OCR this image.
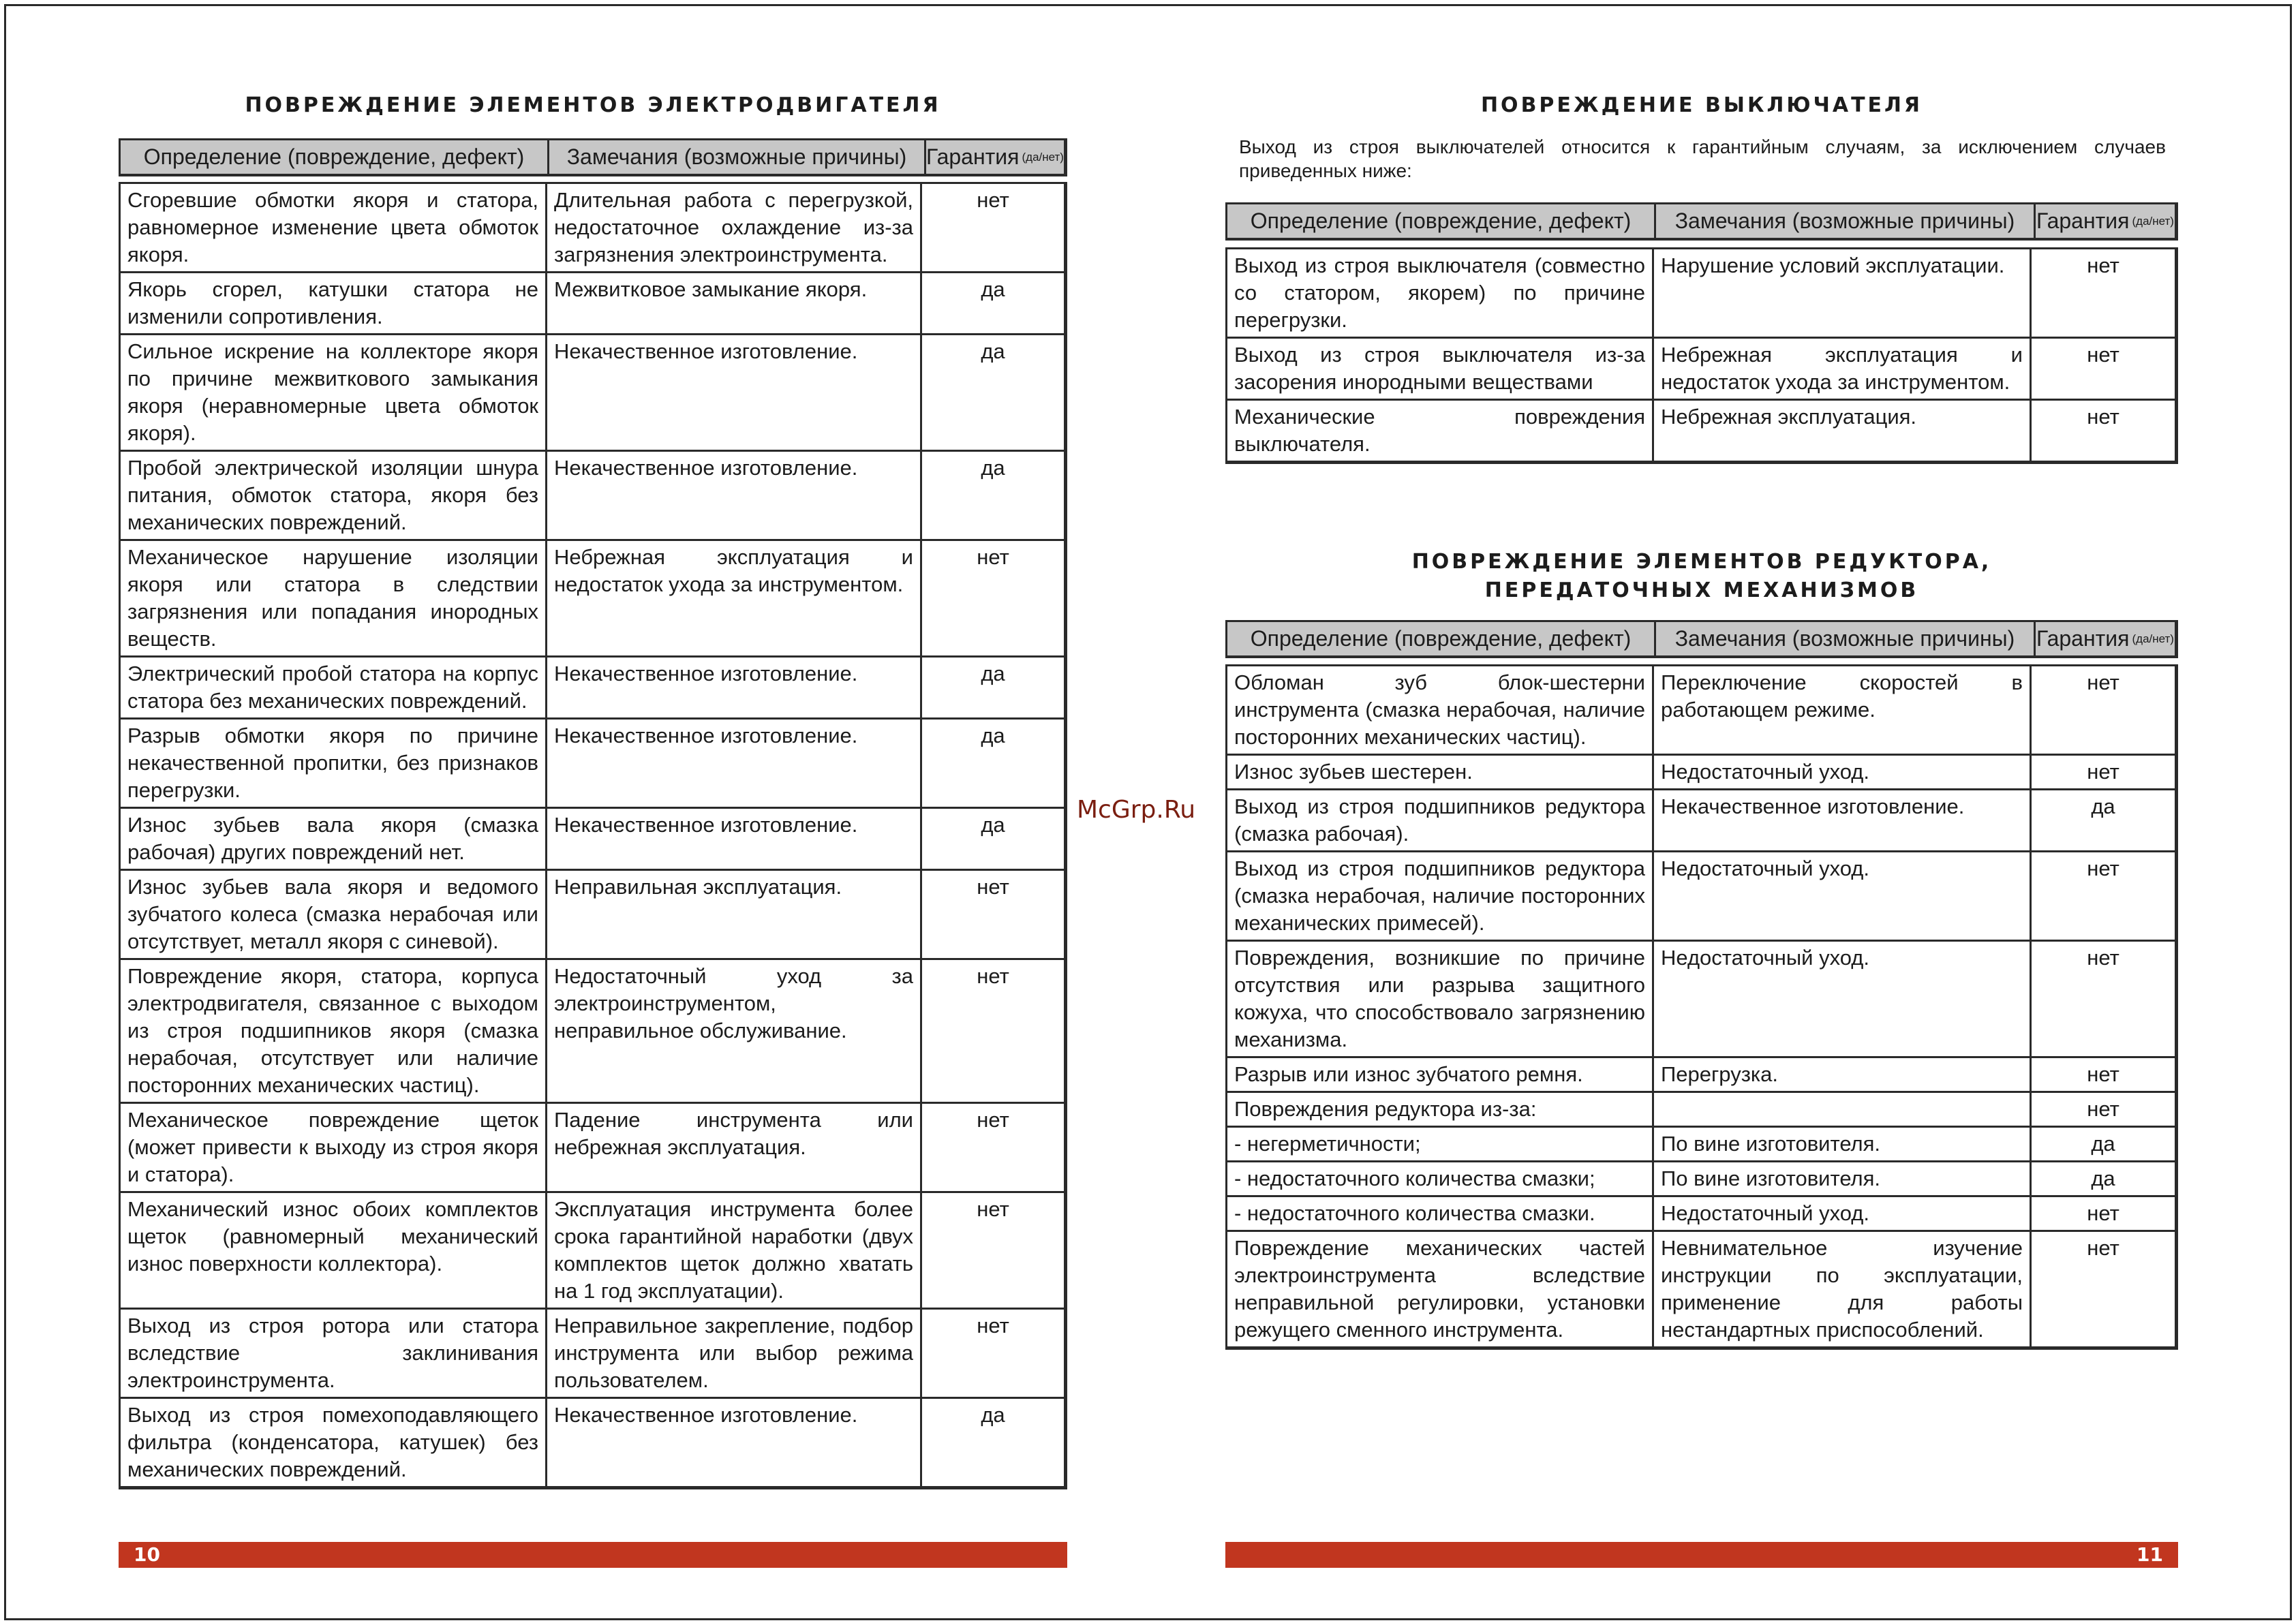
ПОВРЕЖДЕНИЕ ЭЛЕМЕНТОВ ЭЛЕКТРОДВИГАТЕЛЯ
Определение (повреждение, дефект)	Замечания (возможные причины) Гарантия (да/нет)
Сгоревшие обмотки якоря и статора, равномерное изменение цвета обмоток якоря.	Длительная работа с перегрузкой, недостаточное охлаждение из-за загрязнения электроинструмента.	нет
Якорь сгорел, катушки статора не изменили сопротивления.	Межвитковое замыкание якоря.	да
Сильное искрение на коллекторе якоря по причине межвиткового замыкания якоря (неравномерные цвета обмоток якоря).	Некачественное изготовление.	да
Пробой электрической изоляции шнура питания, обмоток статора, якоря без механических повреждений.	Некачественное изготовление.	да
Механическое нарушение изоляции якоря или статора в следствии загрязнения или попадания инородных веществ.	Небрежная эксплуатация и недостаток ухода за инструментом.	нет
Электрический пробой статора на корпус статора без механических повреждений.	Некачественное изготовление.	да
Разрыв обмотки якоря по причине некачественной пропитки, без признаков перегрузки.	Некачественное изготовление.	да
Износ зубьев вала якоря (смазка рабочая) других повреждений нет.	Некачественное изготовление.	да
Износ зубьев вала якоря и ведомого зубчатого колеса (смазка нерабочая или отсутствует, металл якоря с синевой).	Неправильная эксплуатация.	нет
Повреждение якоря, статора, корпуса электродвигателя, связанное с выходом из строя подшипников якоря (смазка нерабочая, отсутствует или наличие посторонних механических частиц).	Недостаточный уход за электроинструментом, неправильное обслуживание.	нет
Механическое повреждение щеток (может привести к выходу из строя якоря и статора).	Падение инструмента или небрежная эксплуатация.	нет
Механический износ обоих комплектов щеток (равномерный механический износ поверхности коллектора).	Эксплуатация инструмента более срока гарантийной наработки (двух комплектов щеток должно хватать на 1 год эксплуатации).	нет
Выход из строя ротора или статора вследствие заклинивания электроинструмента.	Неправильное закрепление, подбор инструмента или выбор режима пользователем.	нет
Выход из строя помехоподавляющего фильтра (конденсатора, катушек) без механических повреждений.	Некачественное изготовление.	да
10
ПОВРЕЖДЕНИЕ ВЫКЛЮЧАТЕЛЯ
Выход из строя выключателей относится к гарантийным случаям, за исключением случаев приведенных ниже:
Определение (повреждение, дефект)	Замечания (возможные причины) Гарантия (да/нет)
Выход из строя выключателя (совместно со статором, якорем) по причине перегрузки.	Нарушение условий эксплуатации.	нет
Выход из строя выключателя из-за засорения инородными веществами	Небрежная эксплуатация и недостаток ухода за инструментом.	нет
Механические повреждения выключателя.	Небрежная эксплуатация.	нет
ПОВРЕЖДЕНИЕ ЭЛЕМЕНТОВ РЕДУКТОРА,
ПЕРЕДАТОЧНЫХ МЕХАНИЗМОВ
Определение (повреждение, дефект)	Замечания (возможные причины) Гарантия (да/нет)
Обломан зуб блок-шестерни инструмента (смазка нерабочая, наличие посторонних механических частиц).	Переключение скоростей в работающем режиме.	нет
Износ зубьев шестерен.	Недостаточный уход.	нет
Выход из строя подшипников редуктора (смазка рабочая).	Некачественное изготовление.	да
Выход из строя подшипников редуктора (смазка нерабочая, наличие посторонних механических примесей).	Недостаточный уход.	нет
Повреждения, возникшие по причине отсутствия или разрыва защитного кожуха, что способствовало загрязнению механизма.	Недостаточный уход.	нет
Разрыв или износ зубчатого ремня.	Перегрузка.	нет
Повреждения редуктора из-за:		нет
- негерметичности;	По вине изготовителя.	да
- недостаточного количества смазки;	По вине изготовителя.	да
- недостаточного количества смазки.	Недостаточный уход.	нет
Повреждение механических частей электроинструмента вследствие неправильной регулировки, установки режущего сменного инструмента.	Невнимательное изучение инструкции по эксплуатации, применение для работы нестандартных приспособлений.	нет
11
McGrp.Ru
